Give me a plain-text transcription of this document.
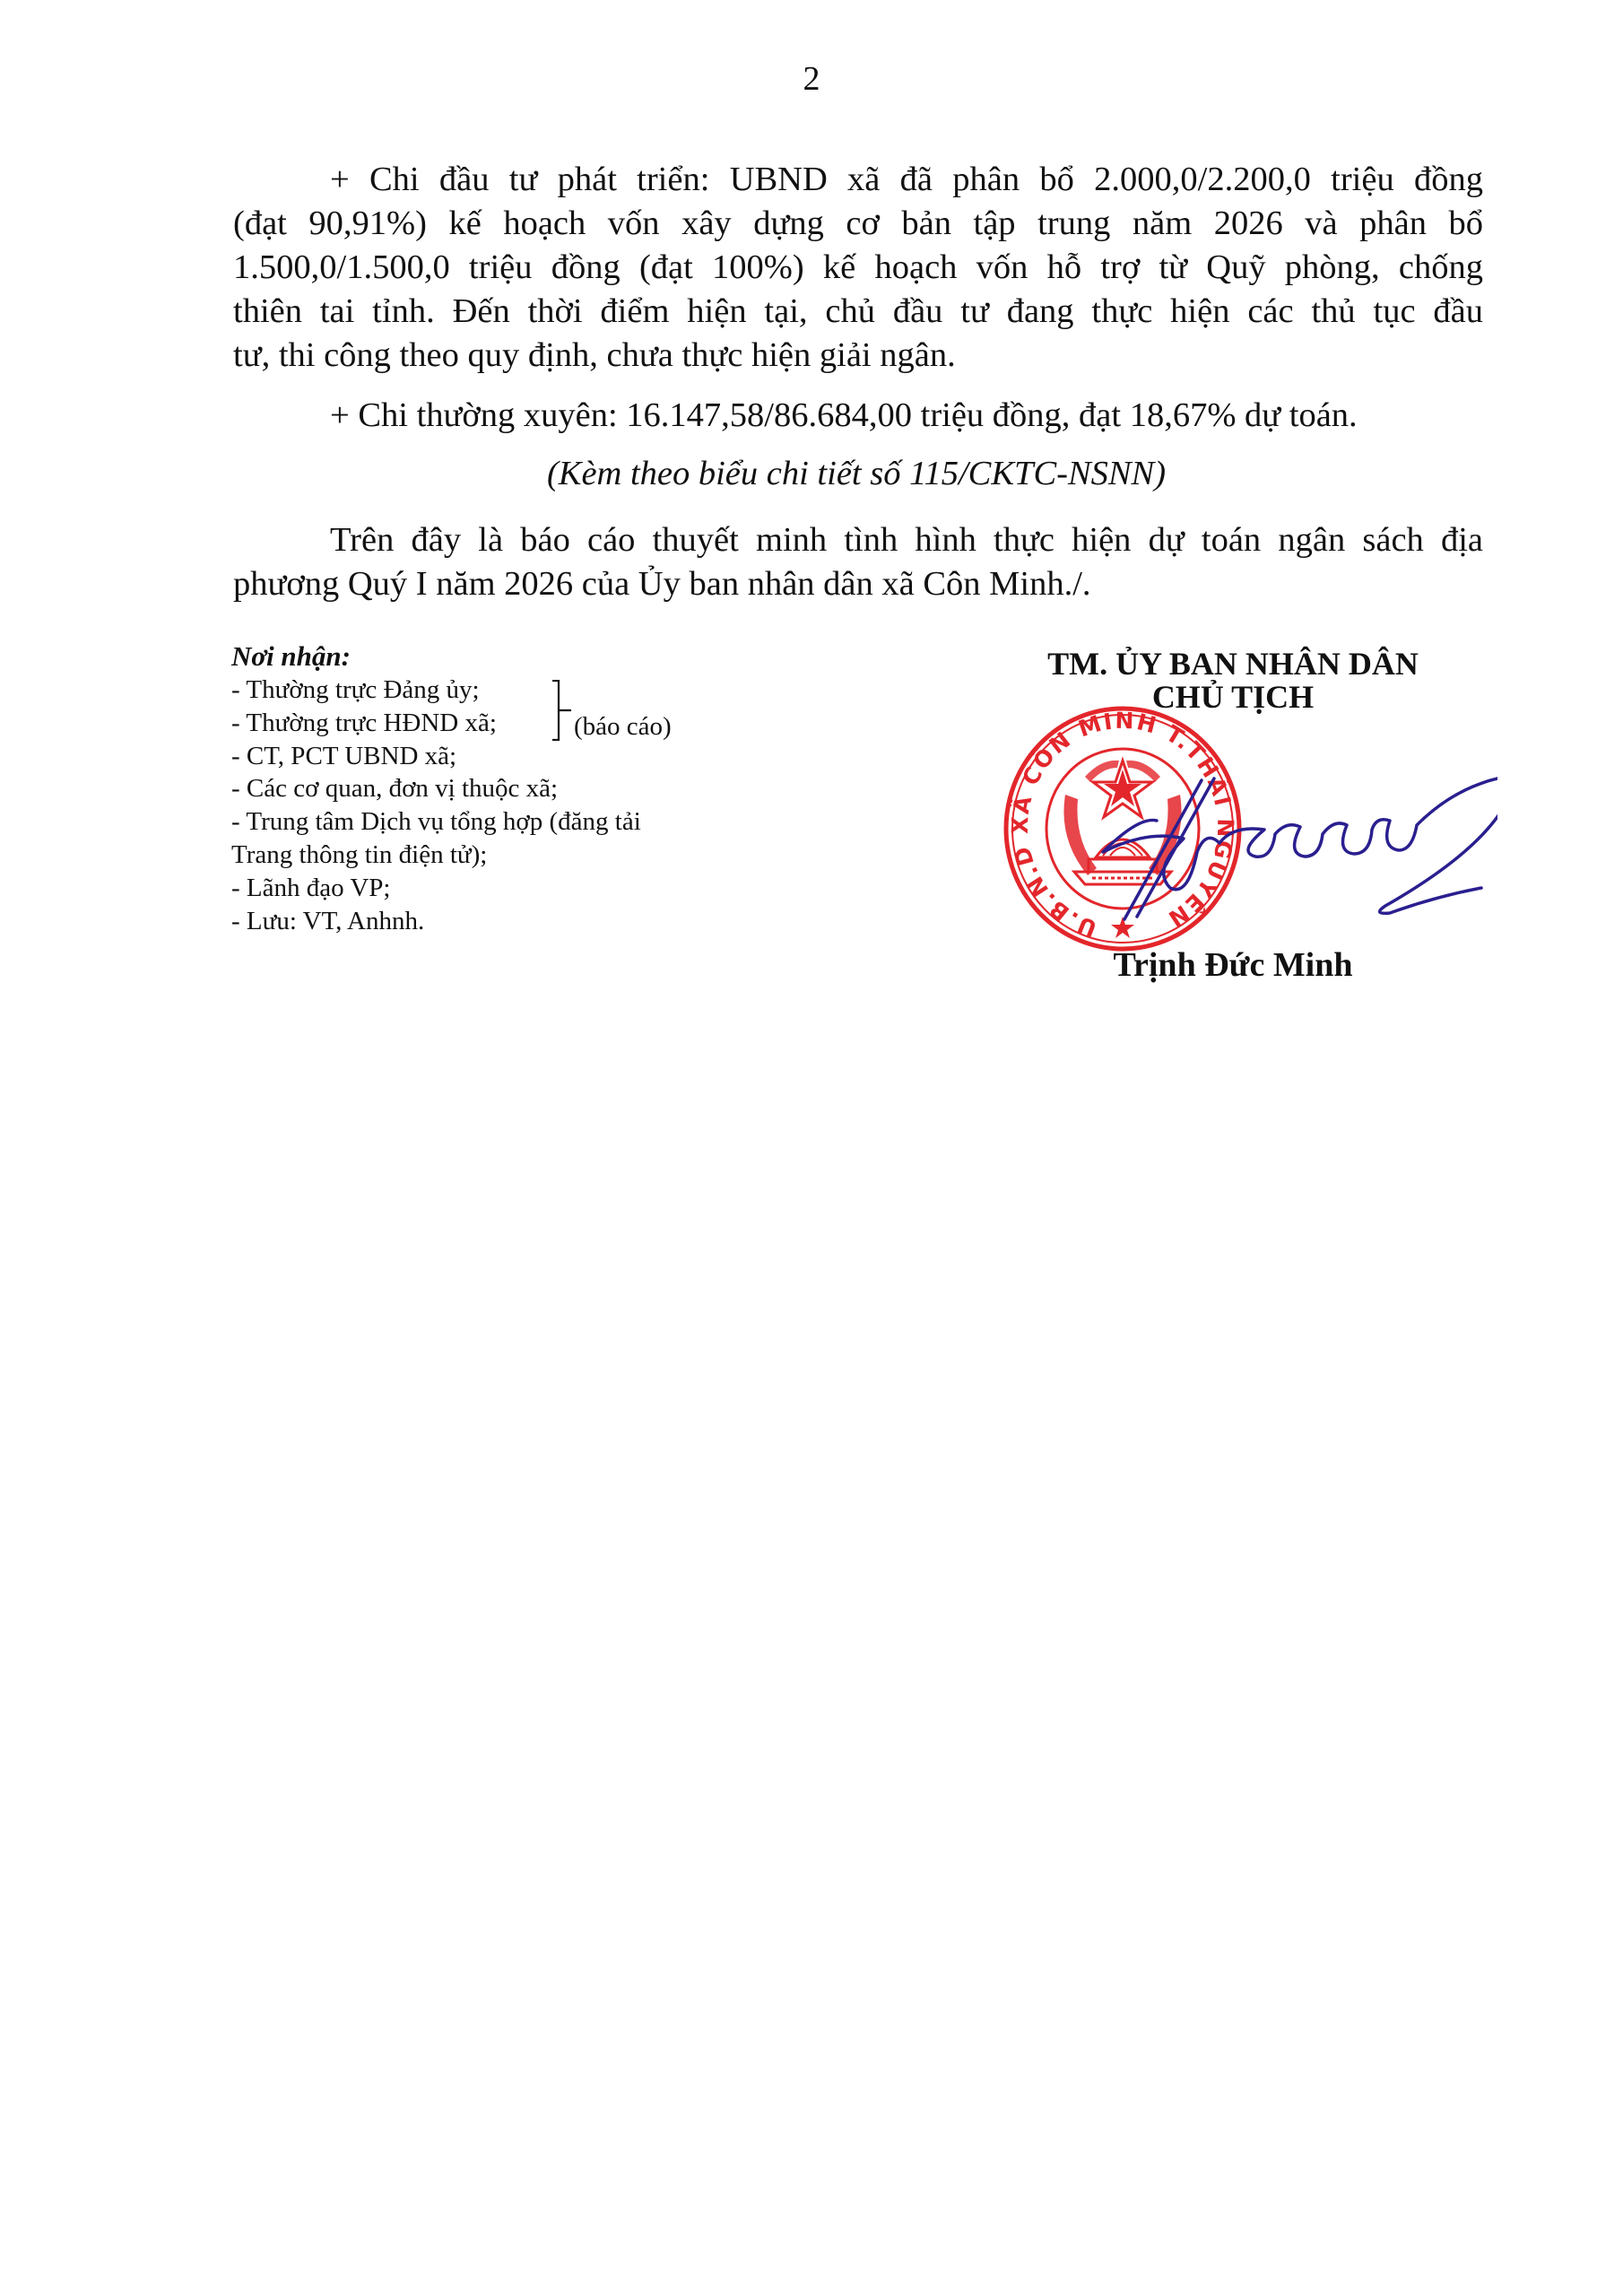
2
+ Chi đầu tư phát triển: UBND xã đã phân bổ 2.000,0/2.200,0 triệu đồng
(đạt 90,91%) kế hoạch vốn xây dựng cơ bản tập trung năm 2026 và phân bổ
1.500,0/1.500,0 triệu đồng (đạt 100%) kế hoạch vốn hỗ trợ từ Quỹ phòng, chống
thiên tai tỉnh. Đến thời điểm hiện tại, chủ đầu tư đang thực hiện các thủ tục đầu
tư, thi công theo quy định, chưa thực hiện giải ngân.
+ Chi thường xuyên: 16.147,58/86.684,00 triệu đồng, đạt 18,67% dự toán.
(Kèm theo biểu chi tiết số 115/CKTC-NSNN)
Trên đây là báo cáo thuyết minh tình hình thực hiện dự toán ngân sách địa
phương Quý I năm 2026 của Ủy ban nhân dân xã Côn Minh./.
Nơi nhận:
- Thường trực Đảng ủy;
- Thường trực HĐND xã;
- CT, PCT UBND xã;
- Các cơ quan, đơn vị thuộc xã;
- Trung tâm Dịch vụ tổng hợp (đăng tải
Trang thông tin điện tử);
- Lãnh đạo VP;
- Lưu: VT, Anhnh.
(báo cáo)
TM. ỦY BAN NHÂN DÂN
CHỦ TỊCH
U.B.N.D XÃ CÔN MINH T.THÁI NGUYÊN
Trịnh Đức Minh
